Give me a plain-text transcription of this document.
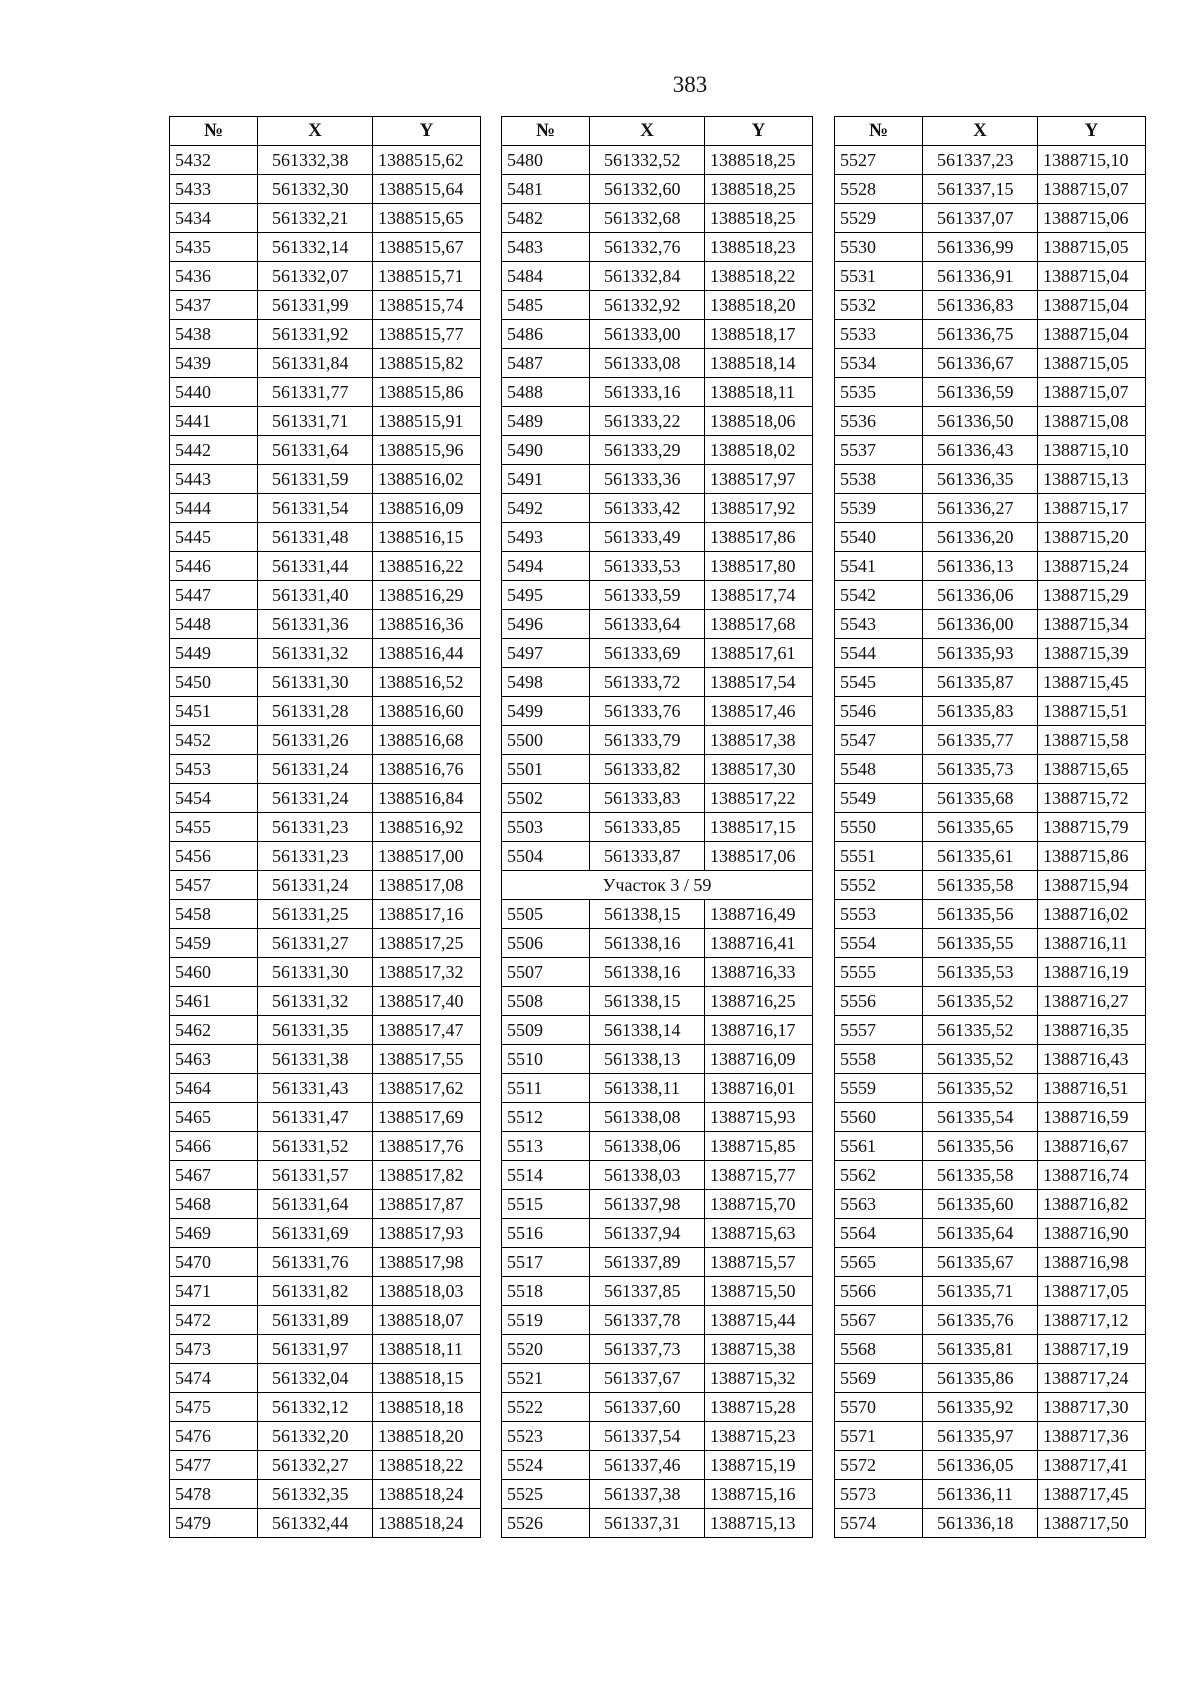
383
№	X	Y
5432	561332,38	1388515,62
5433	561332,30	1388515,64
5434	561332,21	1388515,65
5435	561332,14	1388515,67
5436	561332,07	1388515,71
5437	561331,99	1388515,74
5438	561331,92	1388515,77
5439	561331,84	1388515,82
5440	561331,77	1388515,86
5441	561331,71	1388515,91
5442	561331,64	1388515,96
5443	561331,59	1388516,02
5444	561331,54	1388516,09
5445	561331,48	1388516,15
5446	561331,44	1388516,22
5447	561331,40	1388516,29
5448	561331,36	1388516,36
5449	561331,32	1388516,44
5450	561331,30	1388516,52
5451	561331,28	1388516,60
5452	561331,26	1388516,68
5453	561331,24	1388516,76
5454	561331,24	1388516,84
5455	561331,23	1388516,92
5456	561331,23	1388517,00
5457	561331,24	1388517,08
5458	561331,25	1388517,16
5459	561331,27	1388517,25
5460	561331,30	1388517,32
5461	561331,32	1388517,40
5462	561331,35	1388517,47
5463	561331,38	1388517,55
5464	561331,43	1388517,62
5465	561331,47	1388517,69
5466	561331,52	1388517,76
5467	561331,57	1388517,82
5468	561331,64	1388517,87
5469	561331,69	1388517,93
5470	561331,76	1388517,98
5471	561331,82	1388518,03
5472	561331,89	1388518,07
5473	561331,97	1388518,11
5474	561332,04	1388518,15
5475	561332,12	1388518,18
5476	561332,20	1388518,20
5477	561332,27	1388518,22
5478	561332,35	1388518,24
5479	561332,44	1388518,24
№	X	Y
5480	561332,52	1388518,25
5481	561332,60	1388518,25
5482	561332,68	1388518,25
5483	561332,76	1388518,23
5484	561332,84	1388518,22
5485	561332,92	1388518,20
5486	561333,00	1388518,17
5487	561333,08	1388518,14
5488	561333,16	1388518,11
5489	561333,22	1388518,06
5490	561333,29	1388518,02
5491	561333,36	1388517,97
5492	561333,42	1388517,92
5493	561333,49	1388517,86
5494	561333,53	1388517,80
5495	561333,59	1388517,74
5496	561333,64	1388517,68
5497	561333,69	1388517,61
5498	561333,72	1388517,54
5499	561333,76	1388517,46
5500	561333,79	1388517,38
5501	561333,82	1388517,30
5502	561333,83	1388517,22
5503	561333,85	1388517,15
5504	561333,87	1388517,06
Участок 3 / 59		
5505	561338,15	1388716,49
5506	561338,16	1388716,41
5507	561338,16	1388716,33
5508	561338,15	1388716,25
5509	561338,14	1388716,17
5510	561338,13	1388716,09
5511	561338,11	1388716,01
5512	561338,08	1388715,93
5513	561338,06	1388715,85
5514	561338,03	1388715,77
5515	561337,98	1388715,70
5516	561337,94	1388715,63
5517	561337,89	1388715,57
5518	561337,85	1388715,50
5519	561337,78	1388715,44
5520	561337,73	1388715,38
5521	561337,67	1388715,32
5522	561337,60	1388715,28
5523	561337,54	1388715,23
5524	561337,46	1388715,19
5525	561337,38	1388715,16
5526	561337,31	1388715,13
№	X	Y
5527	561337,23	1388715,10
5528	561337,15	1388715,07
5529	561337,07	1388715,06
5530	561336,99	1388715,05
5531	561336,91	1388715,04
5532	561336,83	1388715,04
5533	561336,75	1388715,04
5534	561336,67	1388715,05
5535	561336,59	1388715,07
5536	561336,50	1388715,08
5537	561336,43	1388715,10
5538	561336,35	1388715,13
5539	561336,27	1388715,17
5540	561336,20	1388715,20
5541	561336,13	1388715,24
5542	561336,06	1388715,29
5543	561336,00	1388715,34
5544	561335,93	1388715,39
5545	561335,87	1388715,45
5546	561335,83	1388715,51
5547	561335,77	1388715,58
5548	561335,73	1388715,65
5549	561335,68	1388715,72
5550	561335,65	1388715,79
5551	561335,61	1388715,86
5552	561335,58	1388715,94
5553	561335,56	1388716,02
5554	561335,55	1388716,11
5555	561335,53	1388716,19
5556	561335,52	1388716,27
5557	561335,52	1388716,35
5558	561335,52	1388716,43
5559	561335,52	1388716,51
5560	561335,54	1388716,59
5561	561335,56	1388716,67
5562	561335,58	1388716,74
5563	561335,60	1388716,82
5564	561335,64	1388716,90
5565	561335,67	1388716,98
5566	561335,71	1388717,05
5567	561335,76	1388717,12
5568	561335,81	1388717,19
5569	561335,86	1388717,24
5570	561335,92	1388717,30
5571	561335,97	1388717,36
5572	561336,05	1388717,41
5573	561336,11	1388717,45
5574	561336,18	1388717,50
